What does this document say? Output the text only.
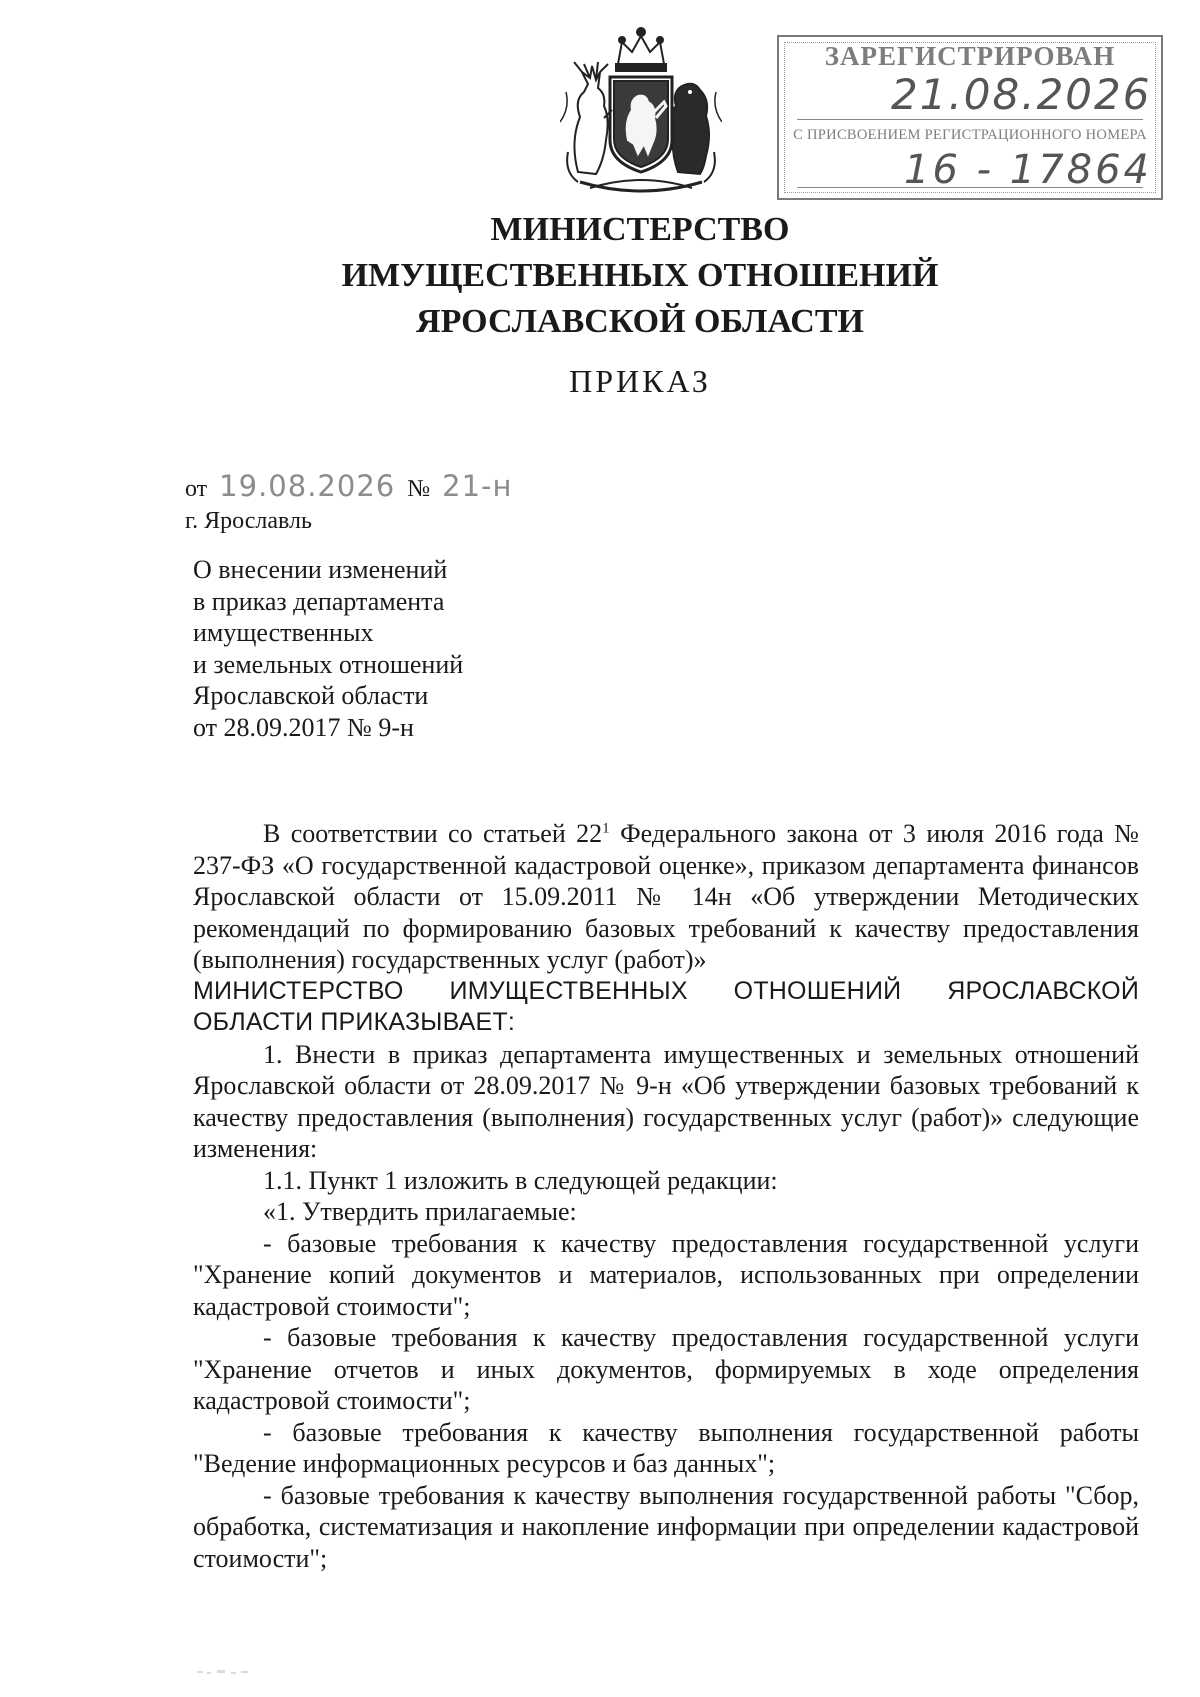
ЗАРЕГИСТРИРОВАН
21.08.2026
С ПРИСВОЕНИЕМ РЕГИСТРАЦИОННОГО НОМЕРА
16 - 17864
МИНИСТЕРСТВО
ИМУЩЕСТВЕННЫХ ОТНОШЕНИЙ
ЯРОСЛАВСКОЙ ОБЛАСТИ
ПРИКАЗ
от 19.08.2026 № 21-н
г. Ярославль
О внесении изменений
в приказ департамента
имущественных
и земельных отношений
Ярославской области
от 28.09.2017 № 9-н
В соответствии со статьей $22^1$ Федерального закона от 3 июля 2016 года № 237-ФЗ «О государственной кадастровой оценке», приказом департамента финансов Ярославской области от 15.09.2011 № 14н «Об утверждении Методических рекомендаций по формированию базовых требований к качеству предоставления (выполнения) государственных услуг (работ)»
МИНИСТЕРСТВО ИМУЩЕСТВЕННЫХ ОТНОШЕНИЙ ЯРОСЛАВСКОЙ ОБЛАСТИ ПРИКАЗЫВАЕТ:
1. Внести в приказ департамента имущественных и земельных отношений Ярославской области от 28.09.2017 № 9-н «Об утверждении базовых требований к качеству предоставления (выполнения) государственных услуг (работ)» следующие изменения:
1.1. Пункт 1 изложить в следующей редакции:
«1. Утвердить прилагаемые:
- базовые требования к качеству предоставления государственной услуги "Хранение копий документов и материалов, использованных при определении кадастровой стоимости";
- базовые требования к качеству предоставления государственной услуги "Хранение отчетов и иных документов, формируемых в ходе определения кадастровой стоимости";
- базовые требования к качеству выполнения государственной работы "Ведение информационных ресурсов и баз данных";
- базовые требования к качеству выполнения государственной работы "Сбор, обработка, систематизация и накопление информации при определении кадастровой стоимости";
